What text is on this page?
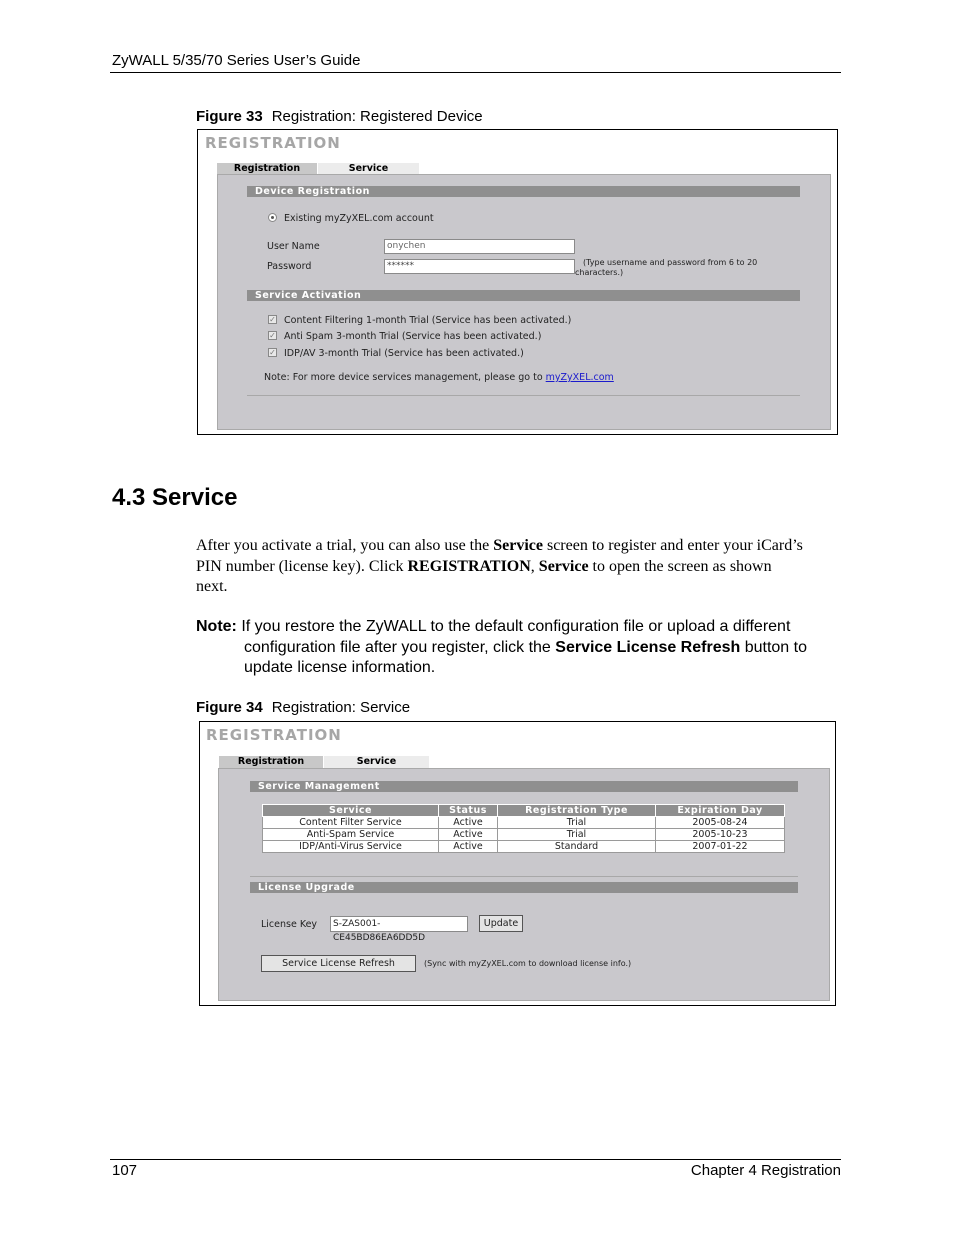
ZyWALL 5/35/70 Series User’s Guide
Figure 33 Registration: Registered Device
REGISTRATION
Registration	Service
Device Registration
Existing myZyXEL.com account
User Name	onychen
Password	******	(Type username and password from 6 to 20
characters.)
Service Activation
✓ Content Filtering 1-month Trial (Service has been activated.)
✓ Anti Spam 3-month Trial (Service has been activated.)
✓ IDP/AV 3-month Trial (Service has been activated.)
Note: For more device services management, please go to myZyXEL.com
4.3 Service
After you activate a trial, you can also use the Service screen to register and enter your iCard’s
PIN number (license key). Click REGISTRATION, Service to open the screen as shown
next.
Note: If you restore the ZyWALL to the default configuration file or upload a different
configuration file after you register, click the Service License Refresh button to
update license information.
Figure 34 Registration: Service
REGISTRATION
Registration	Service
Service Management
Service	Status	Registration Type	Expiration Day
Content Filter Service	Active	Trial	2005-08-24
Anti-Spam Service	Active	Trial	2005-10-23
IDP/Anti-Virus Service	Active	Standard	2007-01-22
License Upgrade
License Key	S-ZAS001-CE45BD86EA6DD5D
Update
Service License Refresh	(Sync with myZyXEL.com to download license info.)
107	Chapter 4 Registration
